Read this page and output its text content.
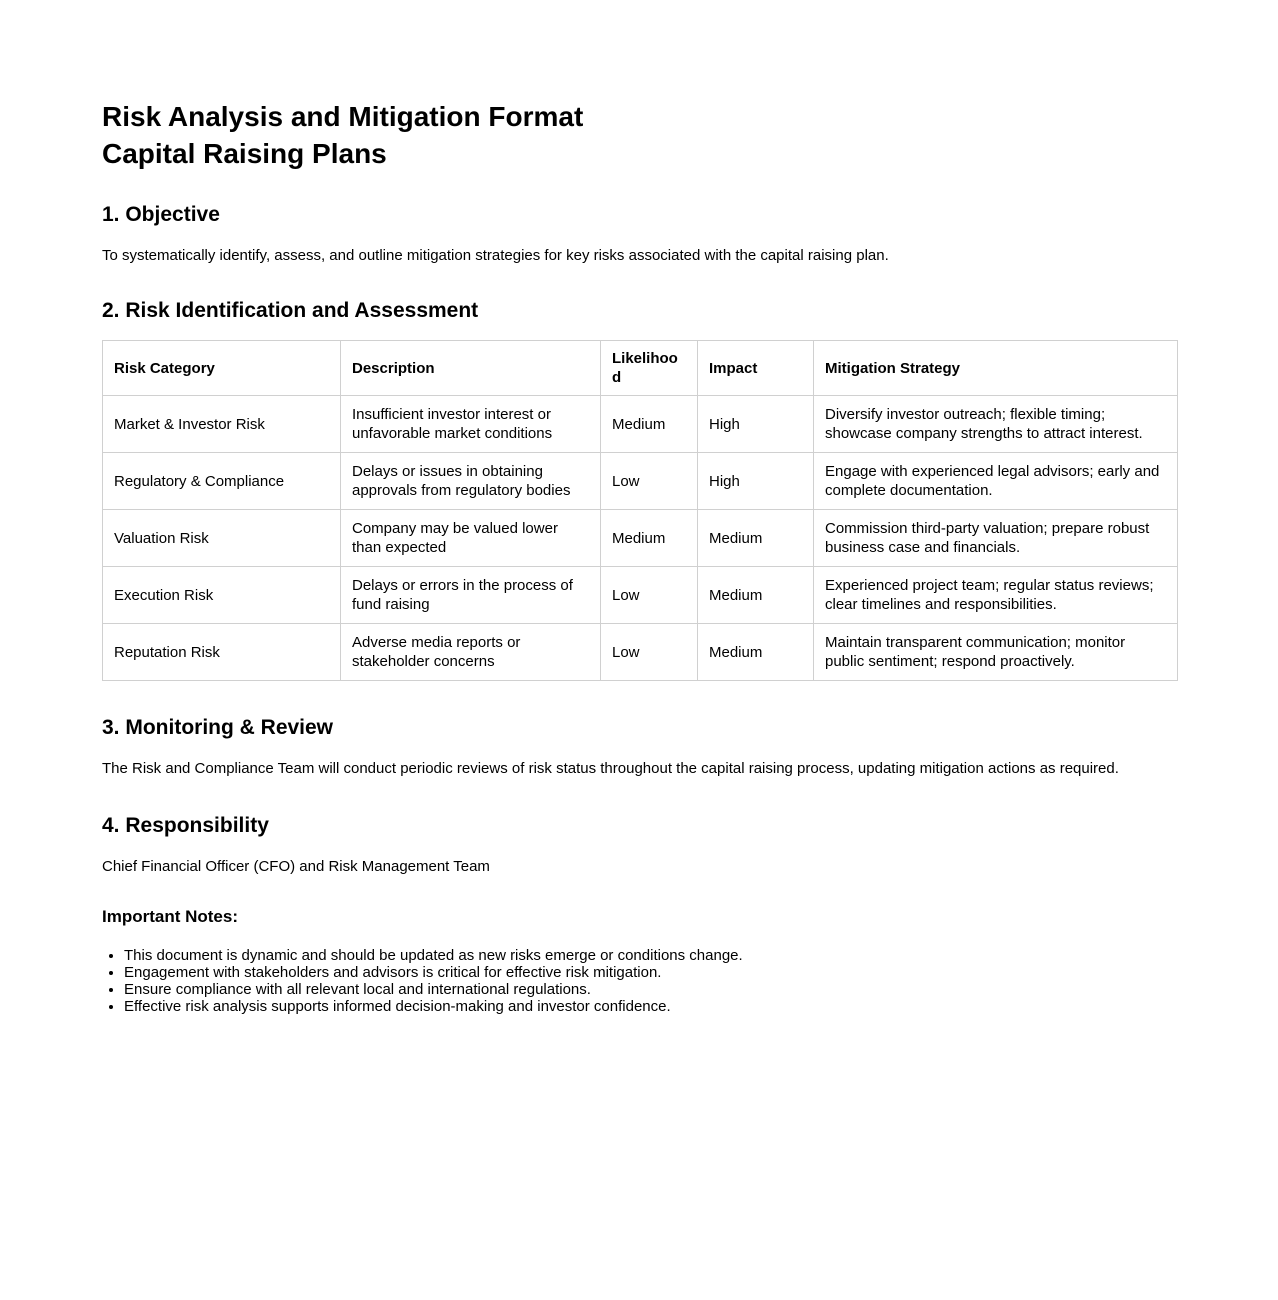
Risk Analysis and Mitigation Format
Capital Raising Plans
1. Objective

To systematically identify, assess, and outline mitigation strategies for key risks associated with the capital raising plan.

2. Risk Identification and Assessment
Risk Category	Description	Likelihood	Impact	Mitigation Strategy
Market & Investor Risk	Insufficient investor interest or unfavorable market conditions	Medium	High	Diversify investor outreach; flexible timing; showcase company strengths to attract interest.
Regulatory & Compliance	Delays or issues in obtaining approvals from regulatory bodies	Low	High	Engage with experienced legal advisors; early and complete documentation.
Valuation Risk	Company may be valued lower than expected	Medium	Medium	Commission third-party valuation; prepare robust business case and financials.
Execution Risk	Delays or errors in the process of fund raising	Low	Medium	Experienced project team; regular status reviews; clear timelines and responsibilities.
Reputation Risk	Adverse media reports or stakeholder concerns	Low	Medium	Maintain transparent communication; monitor public sentiment; respond proactively.
3. Monitoring & Review

The Risk and Compliance Team will conduct periodic reviews of risk status throughout the capital raising process, updating mitigation actions as required.

4. Responsibility

Chief Financial Officer (CFO) and Risk Management Team

Important Notes:
• This document is dynamic and should be updated as new risks emerge or conditions change.
• Engagement with stakeholders and advisors is critical for effective risk mitigation.
• Ensure compliance with all relevant local and international regulations.
• Effective risk analysis supports informed decision-making and investor confidence.
